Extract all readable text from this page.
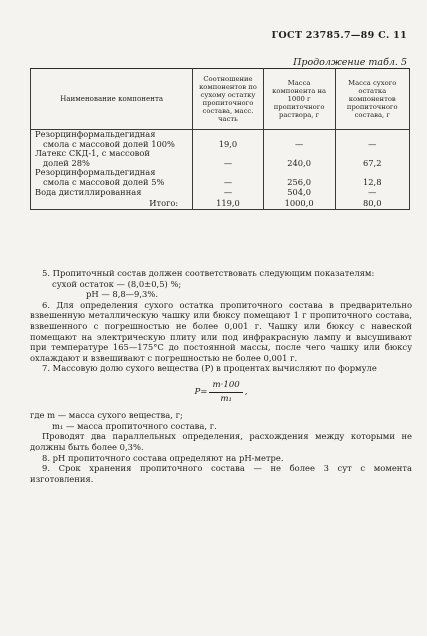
ГОСТ 23785.7—89 С. 11
Продолжение табл. 5
Наименование компонента	Соотношение компонентов по сухому остатку пропиточного состава, масс. часть	Масса компонента на 1000 г пропиточного раствора, г	Масса сухого остатка компонентов пропиточного состава, г
Резорцинформальдегидная			
смола с массовой долей 100%	19,0	—	—
Латекс СКД-1, с массовой			
долей 28%	—	240,0	67,2
Резорцинформальдегидная			
смола с массовой долей 5%	—	256,0	12,8
Вода дистиллированная	—	504,0	—
Итого:	119,0	1000,0	80,0

5. Пропиточный состав должен соответствовать следующим показателям:

сухой остаток — (8,0±0,5) %;

pH — 8,8—9,3%.

6. Для определения сухого остатка пропиточного состава в предварительно взвешенную металлическую чашку или бюксу помещают 1 г пропиточного состава, взвешенного с погрешностью не более 0,001 г. Чашку или бюксу с навеской помещают на электрическую плиту или под инфракрасную лампу и высушивают при температуре 165—175°С до постоянной массы, после чего чашку или бюксу охлаждают и взвешивают с погрешностью не более 0,001 г.

7. Массовую долю сухого вещества (Р) в процентах вычисляют по формуле

$P= \frac{m\cdot 100}{\text{m₁}}$ ,

где m — масса сухого вещества, г;

m₁ — масса пропиточного состава, г.

Проводят два параллельных определения, расхождения между которыми не должны быть более 0,3%.

8. pH пропиточного состава определяют на pH-метре.

9. Срок хранения пропиточного состава — не более 3 сут с момента изготовления.
